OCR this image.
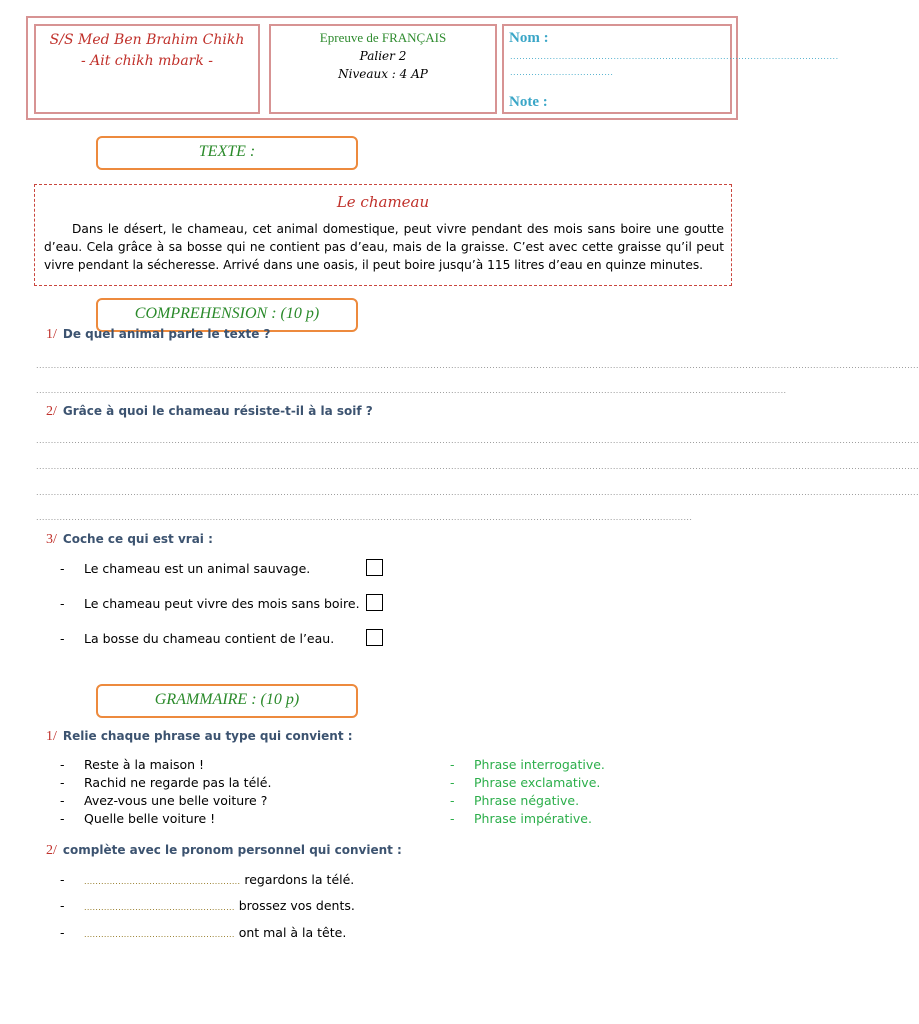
S/S Med Ben Brahim Chikh
- Ait chikh mbark -
Epreuve de FRANÇAIS
Palier 2
Niveaux : 4 AP
Nom :
............................................................................................................
..................................
Note :
TEXTE :
Le chameau
Dans le désert, le chameau, cet animal domestique, peut vivre pendant des mois sans boire une goutte d’eau. Cela grâce à sa bosse qui ne contient pas d’eau, mais de la graisse. C’est avec cette graisse qu’il peut vivre pendant la sécheresse. Arrivé dans une oasis, il peut boire jusqu’à 115 litres d’eau en quinze minutes.
COMPREHENSION : (10 p)
1/ De quel animal parle le texte ?
............................................................................................................................................................................................................................................................................................................
...............................................................................................................................................................................................................................................................
2/ Grâce à quoi le chameau résiste-t-il à la soif ?
............................................................................................................................................................................................................................................................................................................
............................................................................................................................................................................................................................................................................................................
............................................................................................................................................................................................................................................................................................................
...............................................................................................................................................................................................................................
3/ Coche ce qui est vrai :
- Le chameau est un animal sauvage.
- Le chameau peut vivre des mois sans boire.
- La bosse du chameau contient de l’eau.
GRAMMAIRE : (10 p)
1/ Relie chaque phrase au type qui convient :
- Reste à la maison !
- Rachid ne regarde pas la télé.
- Avez-vous une belle voiture ?
- Quelle belle voiture !
- Phrase interrogative.
- Phrase exclamative.
- Phrase négative.
- Phrase impérative.
2/ complète avec le pronom personnel qui convient :
- ....................................................... regardons la télé.
- ..................................................... brossez vos dents.
- ..................................................... ont mal à la tête.
